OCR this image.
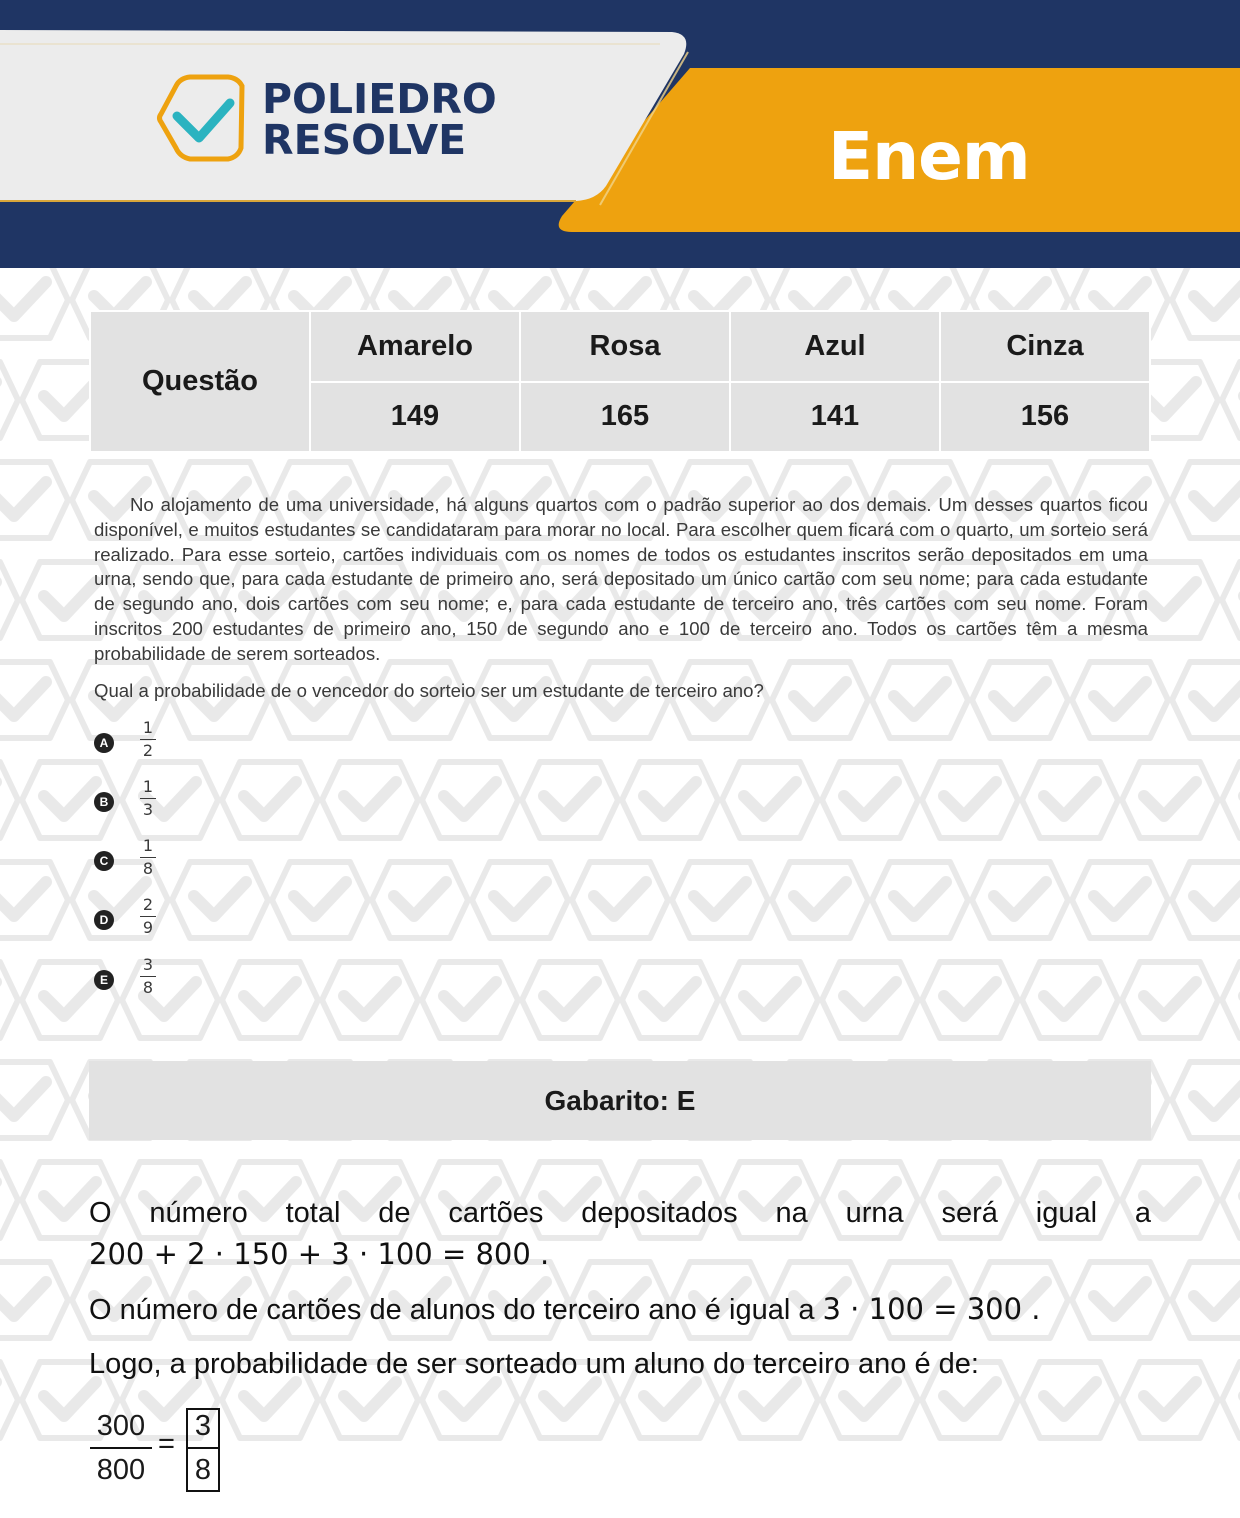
POLIEDRO
RESOLVE	Enem
Questão	Amarelo	Rosa	Azul	Cinza
	149	165	141	156
No alojamento de uma universidade, há alguns quartos com o padrão superior ao dos demais. Um desses quartos ficou disponível, e muitos estudantes se candidataram para morar no local. Para escolher quem ficará com o quarto, um sorteio será realizado. Para esse sorteio, cartões individuais com os nomes de todos os estudantes inscritos serão depositados em uma urna, sendo que, para cada estudante de primeiro ano, será depositado um único cartão com seu nome; para cada estudante de segundo ano, dois cartões com seu nome; e, para cada estudante de terceiro ano, três cartões com seu nome. Foram inscritos 200 estudantes de primeiro ano, 150 de segundo ano e 100 de terceiro ano. Todos os cartões têm a mesma probabilidade de serem sorteados.
Qual a probabilidade de o vencedor do sorteio ser um estudante de terceiro ano?
A
1
2
B
1
3
C
1
8
D
2
9
E
3
8
Gabarito: E
O número total de cartões depositados na urna será igual a
200 + 2 · 150 + 3 · 100 = 800 .
O número de cartões de alunos do terceiro ano é igual a 3 · 100 = 300 .
Logo, a probabilidade de ser sorteado um aluno do terceiro ano é de:
300
800
=
3
8
